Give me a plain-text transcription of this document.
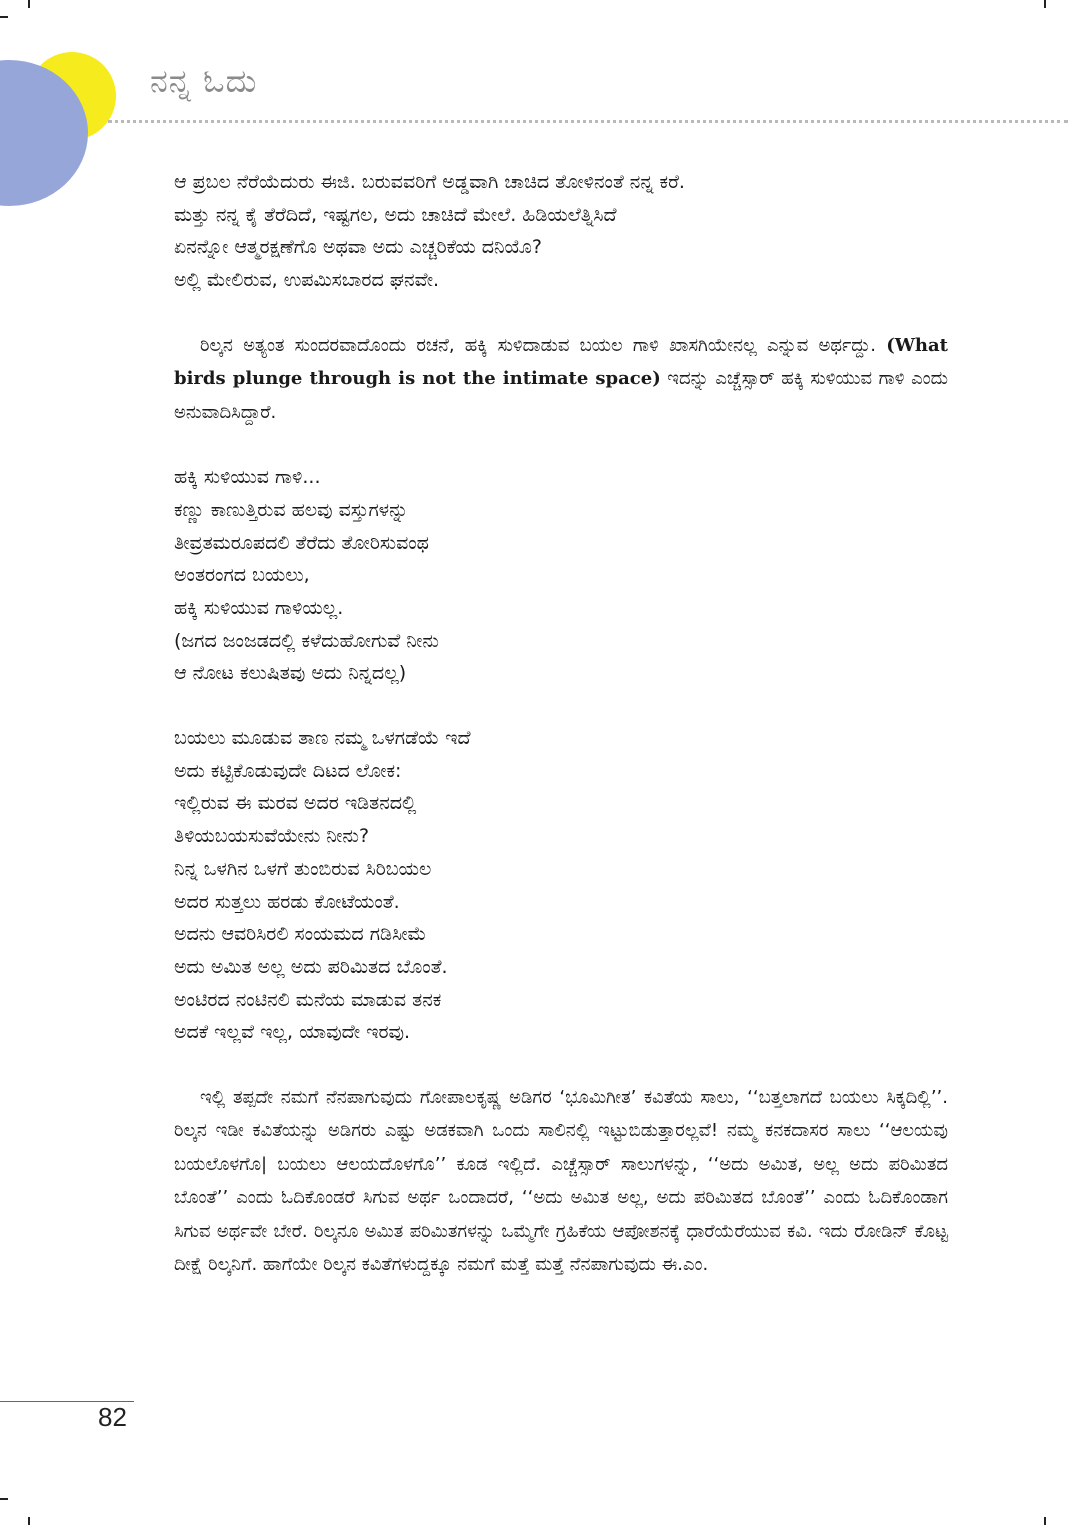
ನನ್ನ ಓದು
ಆ ಪ್ರಬಲ ನೆರೆಯೆದುರು ಈಜಿ. ಬರುವವರಿಗೆ ಅಡ್ಡವಾಗಿ ಚಾಚಿದ ತೋಳಿನಂತೆ ನನ್ನ ಕರೆ.
ಮತ್ತು ನನ್ನ ಕೈ ತೆರೆದಿದೆ, ಇಷ್ಟಗಲ, ಅದು ಚಾಚಿದೆ ಮೇಲೆ. ಹಿಡಿಯಲೆತ್ನಿಸಿದೆ
ಏನನ್ನೋ ಆತ್ಮರಕ್ಷಣೆಗೊ ಅಥವಾ ಅದು ಎಚ್ಚರಿಕೆಯ ದನಿಯೊ?
ಅಲ್ಲಿ ಮೇಲಿರುವ, ಉಪಮಿಸಬಾರದ ಘನವೇ.

ರಿಲ್ಕನ ಅತ್ಯಂತ ಸುಂದರವಾದೊಂದು ರಚನೆ, ಹಕ್ಕಿ ಸುಳಿದಾಡುವ ಬಯಲ ಗಾಳಿ ಖಾಸಗಿಯೇನಲ್ಲ ಎನ್ನುವ ಅರ್ಥದ್ದು. (What birds plunge through is not the intimate space) ಇದನ್ನು ಎಚ್ಚೆಸ್ಸಾರ್ ಹಕ್ಕಿ ಸುಳಿಯುವ ಗಾಳಿ ಎಂದು ಅನುವಾದಿಸಿದ್ದಾರೆ.

ಹಕ್ಕಿ ಸುಳಿಯುವ ಗಾಳಿ...
ಕಣ್ಣು ಕಾಣುತ್ತಿರುವ ಹಲವು ವಸ್ತುಗಳನ್ನು
ತೀವ್ರತಮರೂಪದಲಿ ತೆರೆದು ತೋರಿಸುವಂಥ
ಅಂತರಂಗದ ಬಯಲು,
ಹಕ್ಕಿ ಸುಳಿಯುವ ಗಾಳಿಯಲ್ಲ.
(ಜಗದ ಜಂಜಡದಲ್ಲಿ ಕಳೆದುಹೋಗುವೆ ನೀನು
ಆ ನೋಟ ಕಲುಷಿತವು ಅದು ನಿನ್ನದಲ್ಲ)
ಬಯಲು ಮೂಡುವ ತಾಣ ನಮ್ಮ ಒಳಗಡೆಯೆ ಇದೆ
ಅದು ಕಟ್ಟಿಕೊಡುವುದೇ ದಿಟದ ಲೋಕ:
ಇಲ್ಲಿರುವ ಈ ಮರವ ಅದರ ಇಡಿತನದಲ್ಲಿ
ತಿಳಿಯಬಯಸುವೆಯೇನು ನೀನು?
ನಿನ್ನ ಒಳಗಿನ ಒಳಗೆ ತುಂಬಿರುವ ಸಿರಿಬಯಲ
ಅದರ ಸುತ್ತಲು ಹರಡು ಕೋಟೆಯಂತೆ.
ಅದನು ಆವರಿಸಿರಲಿ ಸಂಯಮದ ಗಡಿಸೀಮೆ
ಅದು ಅಮಿತ ಅಲ್ಲ ಅದು ಪರಿಮಿತದ ಬೊಂತೆ.
ಅಂಟಿರದ ನಂಟಿನಲಿ ಮನೆಯ ಮಾಡುವ ತನಕ
ಅದಕೆ ಇಲ್ಲವೆ ಇಲ್ಲ, ಯಾವುದೇ ಇರವು.

ಇಲ್ಲಿ ತಪ್ಪದೇ ನಮಗೆ ನೆನಪಾಗುವುದು ಗೋಪಾಲಕೃಷ್ಣ ಅಡಿಗರ ‘ಭೂಮಿಗೀತ’ ಕವಿತೆಯ ಸಾಲು, ‘‘ಬತ್ತಲಾಗದೆ ಬಯಲು ಸಿಕ್ಕದಿಲ್ಲಿ’’. ರಿಲ್ಕನ ಇಡೀ ಕವಿತೆಯನ್ನು ಅಡಿಗರು ಎಷ್ಟು ಅಡಕವಾಗಿ ಒಂದು ಸಾಲಿನಲ್ಲಿ ಇಟ್ಟುಬಿಡುತ್ತಾರಲ್ಲವೆ! ನಮ್ಮ ಕನಕದಾಸರ ಸಾಲು ‘‘ಆಲಯವು ಬಯಲೊಳಗೊ| ಬಯಲು ಆಲಯದೊಳಗೊ’’ ಕೂಡ ಇಲ್ಲಿದೆ. ಎಚ್ಚೆಸ್ಸಾರ್ ಸಾಲುಗಳನ್ನು, ‘‘ಅದು ಅಮಿತ, ಅಲ್ಲ ಅದು ಪರಿಮಿತದ ಬೊಂತೆ’’ ಎಂದು ಓದಿಕೊಂಡರೆ ಸಿಗುವ ಅರ್ಥ ಒಂದಾದರೆ, ‘‘ಅದು ಅಮಿತ ಅಲ್ಲ, ಅದು ಪರಿಮಿತದ ಬೊಂತೆ’’ ಎಂದು ಓದಿಕೊಂಡಾಗ ಸಿಗುವ ಅರ್ಥವೇ ಬೇರೆ. ರಿಲ್ಕನೂ ಅಮಿತ ಪರಿಮಿತಗಳನ್ನು ಒಮ್ಮೆಗೇ ಗ್ರಹಿಕೆಯ ಆಪೋಶನಕ್ಕೆ ಧಾರೆಯೆರೆಯುವ ಕವಿ. ಇದು ರೋಡಿನ್ ಕೊಟ್ಟ ದೀಕ್ಷೆ ರಿಲ್ಕನಿಗೆ. ಹಾಗೆಯೇ ರಿಲ್ಕನ ಕವಿತೆಗಳುದ್ದಕ್ಕೂ ನಮಗೆ ಮತ್ತೆ ಮತ್ತೆ ನೆನಪಾಗುವುದು ಈ.ಎಂ.

82
